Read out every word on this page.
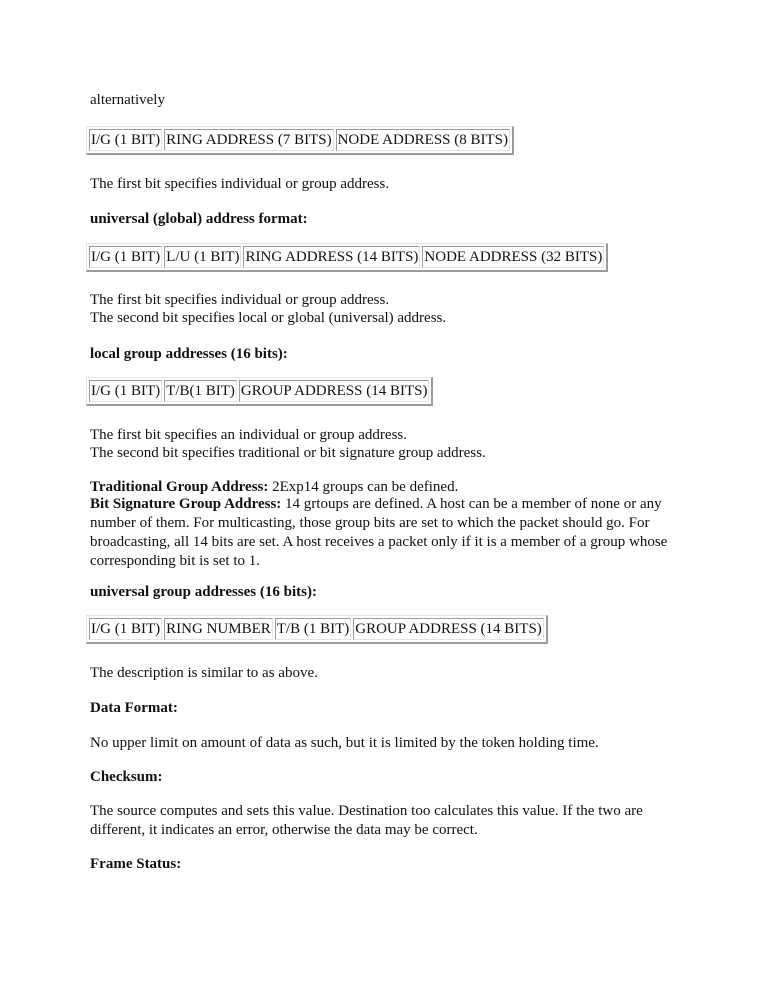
alternatively
I/G (1 BIT)	RING ADDRESS (7 BITS)	NODE ADDRESS (8 BITS)
The first bit specifies individual or group address.
universal (global) address format:
I/G (1 BIT)	L/U (1 BIT)	RING ADDRESS (14 BITS)	NODE ADDRESS (32 BITS)
The first bit specifies individual or group address.
The second bit specifies local or global (universal) address.
local group addresses (16 bits):
I/G (1 BIT)	T/B(1 BIT)	GROUP ADDRESS (14 BITS)
The first bit specifies an individual or group address.
The second bit specifies traditional or bit signature group address.
Traditional Group Address: 2Exp14 groups can be defined.
Bit Signature Group Address: 14 grtoups are defined. A host can be a member of none or any number of them. For multicasting, those group bits are set to which the packet should go. For broadcasting, all 14 bits are set. A host receives a packet only if it is a member of a group whose corresponding bit is set to 1.
universal group addresses (16 bits):
I/G (1 BIT)	RING NUMBER	T/B (1 BIT)	GROUP ADDRESS (14 BITS)
The description is similar to as above.
Data Format:
No upper limit on amount of data as such, but it is limited by the token holding time.
Checksum:
The source computes and sets this value. Destination too calculates this value. If the two are different, it indicates an error, otherwise the data may be correct.
Frame Status:
